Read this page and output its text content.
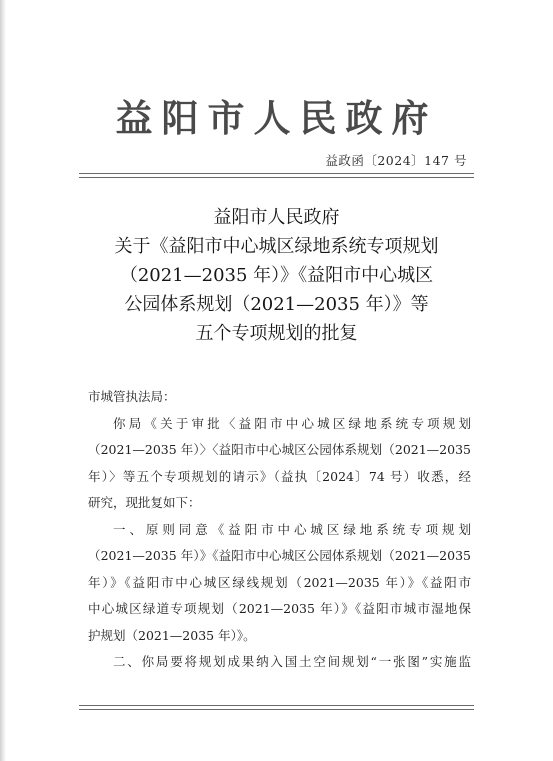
益阳市人民政府
益政函〔2024〕147 号
益阳市人民政府
关于《益阳市中心城区绿地系统专项规划
（2021—2035 年）》《益阳市中心城区
公园体系规划（2021—2035 年）》等
五个专项规划的批复
市城管执法局：
你局《关于审批〈益阳市中心城区绿地系统专项规划
（2021—2035 年）〉〈益阳市中心城区公园体系规划（2021—2035
年）〉等五个专项规划的请示》（益执〔2024〕74 号）收悉，经
研究，现批复如下：
一、原则同意《益阳市中心城区绿地系统专项规划
（2021—2035 年）》《益阳市中心城区公园体系规划（2021—2035
年）》《益阳市中心城区绿线规划（2021—2035 年）》《益阳市
中心城区绿道专项规划（2021—2035 年）》《益阳市城市湿地保
护规划（2021—2035 年）》。
二、你局要将规划成果纳入国土空间规划“一张图”实施监
